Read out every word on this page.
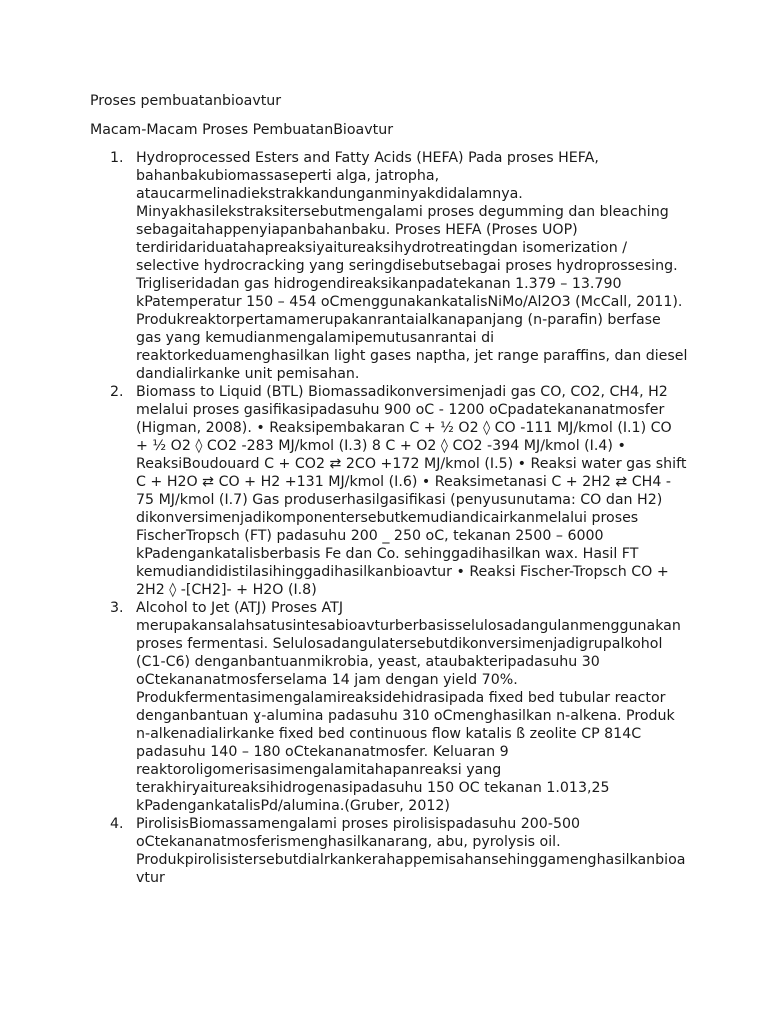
Proses pembuatanbioavtur

Macam-Macam Proses PembuatanBioavtur

1. Hydroprocessed Esters and Fatty Acids (HEFA) Pada proses HEFA, bahanbakubiomassaseperti alga, jatropha, ataucarmelinadiekstrakkandunganminyakdidalamnya. Minyakhasilekstraksitersebutmengalami proses degumming dan bleaching sebagaitahappenyiapanbahanbaku. Proses HEFA (Proses UOP) terdiridariduatahapreaksiyaitureaksihydrotreatingdan isomerization / selective hydrocracking yang seringdisebutsebagai proses hydroprossesing. Trigliseridadan gas hidrogendireaksikanpadatekanan 1.379 – 13.790 kPatemperatur 150 – 454 oCmenggunakankatalisNiMo/Al2O3 (McCall, 2011). Produkreaktorpertamamerupakanrantaialkanapanjang (n-parafin) berfase gas yang kemudianmengalamipemutusanrantai di reaktorkeduamenghasilkan light gases naptha, jet range paraffins, dan diesel dandialirkanke unit pemisahan.
2. Biomass to Liquid (BTL) Biomassadikonversimenjadi gas CO, CO2, CH4, H2 melalui proses gasifikasipadasuhu 900 oC - 1200 oCpadatekananatmosfer (Higman, 2008). • Reaksipembakaran C + ½ O2 ◊ CO -111 MJ/kmol (I.1) CO + ½ O2 ◊ CO2 -283 MJ/kmol (I.3) 8 C + O2 ◊ CO2 -394 MJ/kmol (I.4) • ReaksiBoudouard C + CO2 ⇄ 2CO +172 MJ/kmol (I.5) • Reaksi water gas shift C + H2O ⇄ CO + H2 +131 MJ/kmol (I.6) • Reaksimetanasi C + 2H2 ⇄ CH4 - 75 MJ/kmol (I.7) Gas produserhasilgasifikasi (penyusunutama: CO dan H2) dikonversimenjadikomponentersebutkemudiandicairkanmelalui proses FischerTropsch (FT) padasuhu 200 _ 250 oC, tekanan 2500 – 6000 kPadengankatalisberbasis Fe dan Co. sehinggadihasilkan wax. Hasil FT kemudiandidistilasihinggadihasilkanbioavtur • Reaksi Fischer-Tropsch CO + 2H2 ◊ -[CH2]- + H2O (I.8)
3. Alcohol to Jet (ATJ) Proses ATJ merupakansalahsatusintesabioavturberbasisselulosadangulanmenggunakan proses fermentasi. Selulosadangulatersebutdikonversimenjadigrupalkohol (C1-C6) denganbantuanmikrobia, yeast, ataubakteripadasuhu 30 oCtekananatmosferselama 14 jam dengan yield 70%. Produkfermentasimengalamireaksidehidrasipada fixed bed tubular reactor denganbantuan ɣ-alumina padasuhu 310 oCmenghasilkan n-alkena. Produk n-alkenadialirkanke fixed bed continuous flow katalis ß zeolite CP 814C padasuhu 140 – 180 oCtekananatmosfer. Keluaran 9 reaktoroligomerisasimengalamitahapanreaksi yang terakhiryaitureaksihidrogenasipadasuhu 150 OC tekanan 1.013,25 kPadengankatalisPd/alumina.(Gruber, 2012)
4. PirolisisBiomassamengalami proses pirolisispadasuhu 200-500 oCtekananatmosferismenghasilkanarang, abu, pyrolysis oil. Produkpirolisistersebutdialrkankerahappemisahansehinggamenghasilkanbioavtur
